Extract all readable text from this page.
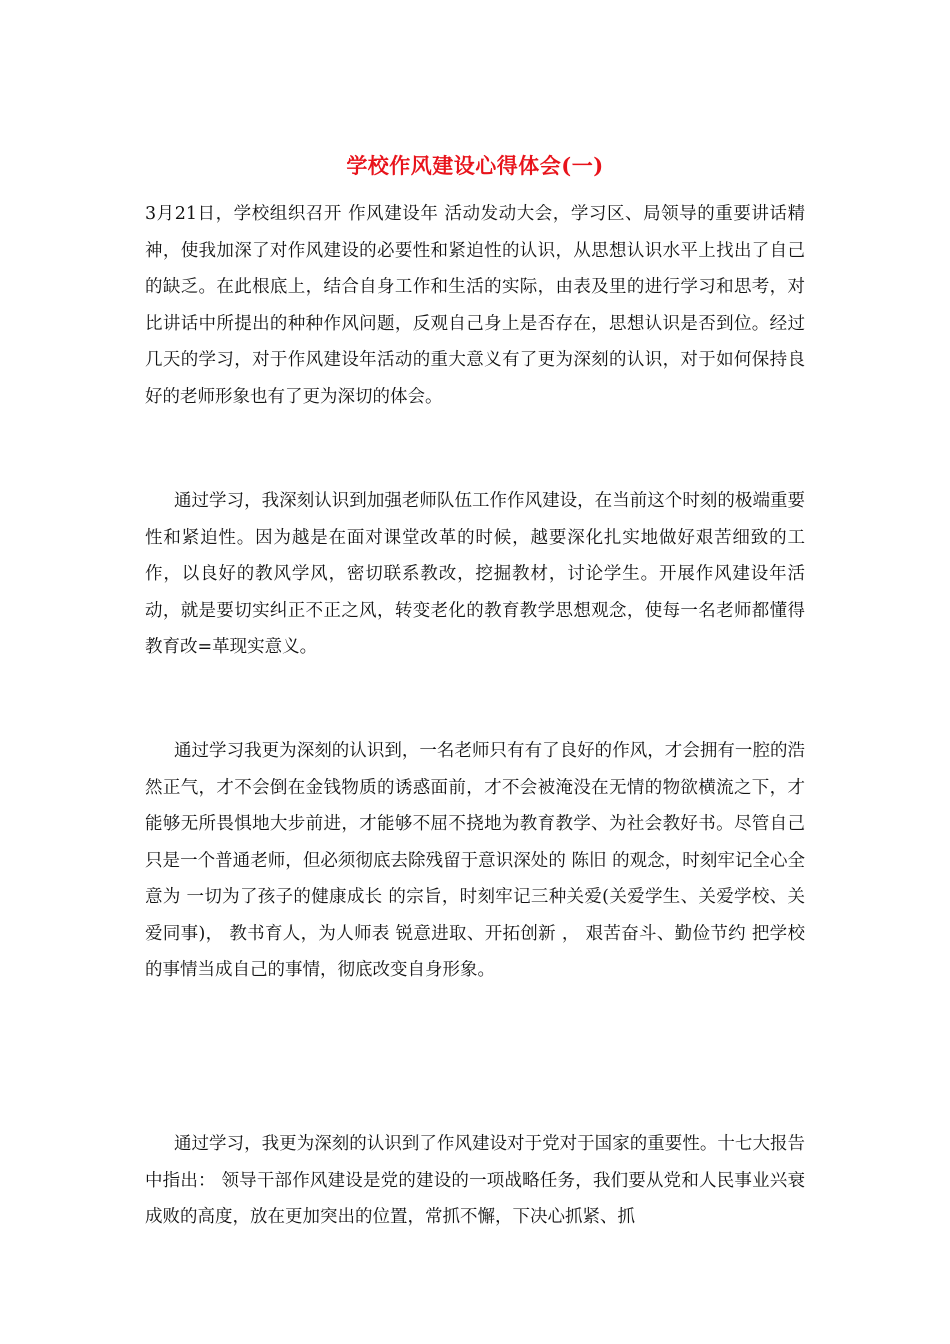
学校作风建设心得体会(一)

3月21日，学校组织召开 作风建设年 活动发动大会，学习区、局领导的重要讲话精神，使我加深了对作风建设的必要性和紧迫性的认识，从思想认识水平上找出了自己的缺乏。在此根底上，结合自身工作和生活的实际，由表及里的进行学习和思考，对比讲话中所提出的种种作风问题，反观自己身上是否存在，思想认识是否到位。经过几天的学习，对于作风建设年活动的重大意义有了更为深刻的认识，对于如何保持良好的老师形象也有了更为深切的体会。

通过学习，我深刻认识到加强老师队伍工作作风建设，在当前这个时刻的极端重要性和紧迫性。因为越是在面对课堂改革的时候，越要深化扎实地做好艰苦细致的工作，以良好的教风学风，密切联系教改，挖掘教材，讨论学生。开展作风建设年活动，就是要切实纠正不正之风，转变老化的教育教学思想观念，使每一名老师都懂得教育改=革现实意义。

通过学习我更为深刻的认识到，一名老师只有有了良好的作风，才会拥有一腔的浩然正气，才不会倒在金钱物质的诱惑面前，才不会被淹没在无情的物欲横流之下，才能够无所畏惧地大步前进，才能够不屈不挠地为教育教学、为社会教好书。尽管自己只是一个普通老师，但必须彻底去除残留于意识深处的 陈旧 的观念，时刻牢记全心全意为 一切为了孩子的健康成长 的宗旨，时刻牢记三种关爱(关爱学生、关爱学校、关爱同事)， 教书育人，为人师表 锐意进取、开拓创新 ， 艰苦奋斗、勤俭节约 把学校的事情当成自己的事情，彻底改变自身形象。

通过学习，我更为深刻的认识到了作风建设对于党对于国家的重要性。十七大报告中指出： 领导干部作风建设是党的建设的一项战略任务，我们要从党和人民事业兴衰成败的高度，放在更加突出的位置，常抓不懈，下决心抓紧、抓
